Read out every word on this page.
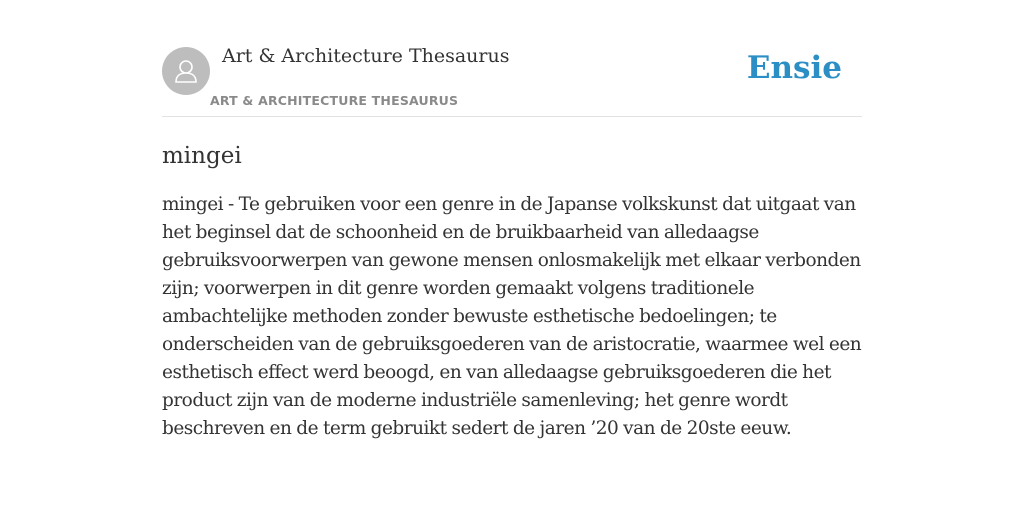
Art & Architecture Thesaurus
ART & ARCHITECTURE THESAURUS
Ensie
mingei

mingei - Te gebruiken voor een genre in de Japanse volkskunst dat uitgaat van het beginsel dat de schoonheid en de bruikbaarheid van alledaagse gebruiksvoorwerpen van gewone mensen onlosmakelijk met elkaar verbonden zijn; voorwerpen in dit genre worden gemaakt volgens traditionele ambachtelijke methoden zonder bewuste esthetische bedoelingen; te onderscheiden van de gebruiksgoederen van de aristocratie, waarmee wel een esthetisch effect werd beoogd, en van alledaagse gebruiksgoederen die het product zijn van de moderne industriële samenleving; het genre wordt beschreven en de term gebruikt sedert de jaren ’20 van de 20ste eeuw.
